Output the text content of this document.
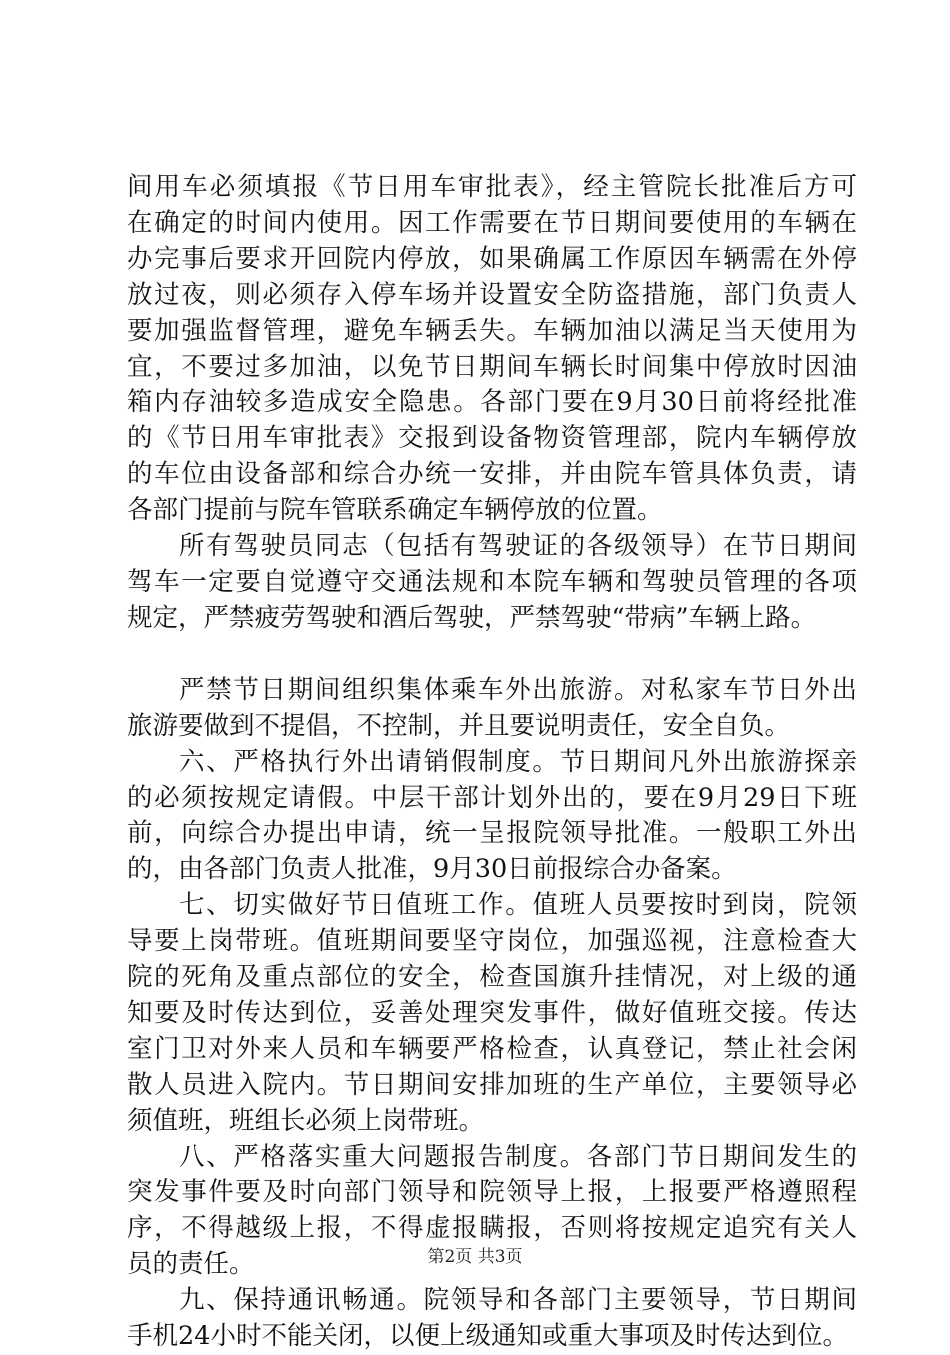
间用车必须填报《节日用车审批表》，经主管院长批准后方可
在确定的时间内使用。因工作需要在节日期间要使用的车辆在
办完事后要求开回院内停放，如果确属工作原因车辆需在外停
放过夜，则必须存入停车场并设置安全防盗措施，部门负责人
要加强监督管理，避免车辆丢失。车辆加油以满足当天使用为
宜，不要过多加油，以免节日期间车辆长时间集中停放时因油
箱内存油较多造成安全隐患。各部门要在9月30日前将经批准
的《节日用车审批表》交报到设备物资管理部，院内车辆停放
的车位由设备部和综合办统一安排，并由院车管具体负责，请
各部门提前与院车管联系确定车辆停放的位置。
所有驾驶员同志（包括有驾驶证的各级领导）在节日期间
驾车一定要自觉遵守交通法规和本院车辆和驾驶员管理的各项
规定，严禁疲劳驾驶和酒后驾驶，严禁驾驶“带病”车辆上路。
严禁节日期间组织集体乘车外出旅游。对私家车节日外出
旅游要做到不提倡，不控制，并且要说明责任，安全自负。
六、严格执行外出请销假制度。节日期间凡外出旅游探亲
的必须按规定请假。中层干部计划外出的，要在9月29日下班
前，向综合办提出申请，统一呈报院领导批准。一般职工外出
的，由各部门负责人批准，9月30日前报综合办备案。
七、切实做好节日值班工作。值班人员要按时到岗，院领
导要上岗带班。值班期间要坚守岗位，加强巡视，注意检查大
院的死角及重点部位的安全，检查国旗升挂情况，对上级的通
知要及时传达到位，妥善处理突发事件，做好值班交接。传达
室门卫对外来人员和车辆要严格检查，认真登记，禁止社会闲
散人员进入院内。节日期间安排加班的生产单位，主要领导必
须值班，班组长必须上岗带班。
八、严格落实重大问题报告制度。各部门节日期间发生的
突发事件要及时向部门领导和院领导上报，上报要严格遵照程
序，不得越级上报，不得虚报瞒报，否则将按规定追究有关人
员的责任。
九、保持通讯畅通。院领导和各部门主要领导，节日期间
手机24小时不能关闭，以便上级通知或重大事项及时传达到位。
第2页 共3页
